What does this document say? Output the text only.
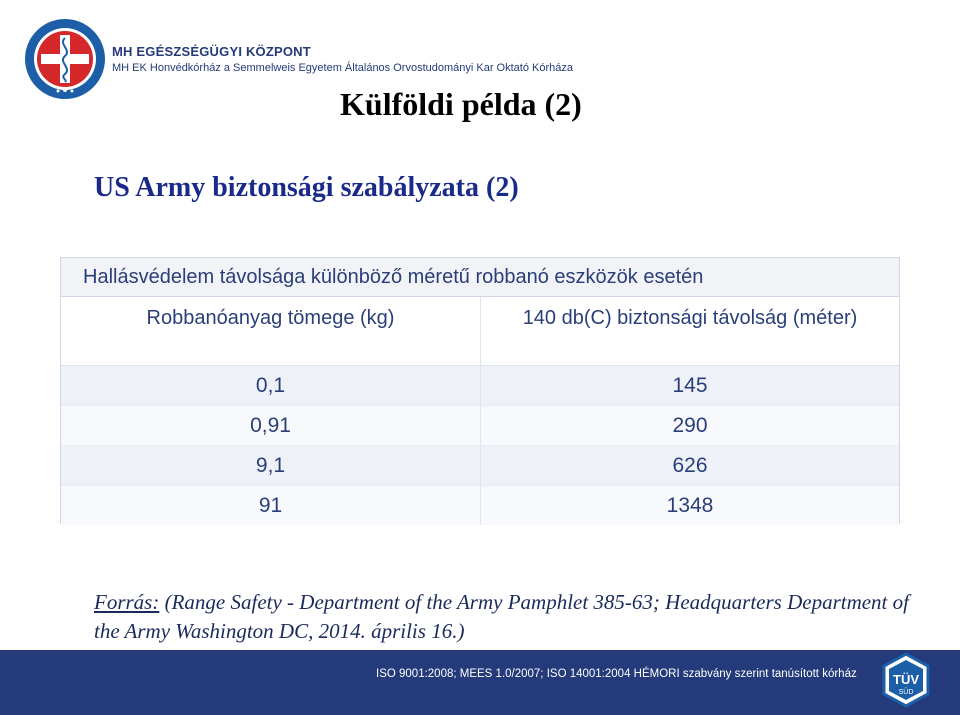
MH EGÉSZSÉGÜGYI KÖZPONT
MH EK Honvédkórház a Semmelweis Egyetem Általános Orvostudományi Kar Oktató Kórháza
Külföldi példa (2)
US Army biztonsági szabályzata (2)
Hallásvédelem távolsága különböző méretű robbanó eszközök esetén
Robbanóanyag tömege (kg)	140 db(C) biztonsági távolság (méter)
0,1	145
0,91	290
9,1	626
91	1348
Forrás: (Range Safety - Department of the Army Pamphlet 385-63; Headquarters Department of the Army Washington DC, 2014. április 16.)
ISO 9001:2008; MEES 1.0/2007; ISO 14001:2004 HÉMORI szabvány szerint tanúsított kórház	TÜV
SÜD
